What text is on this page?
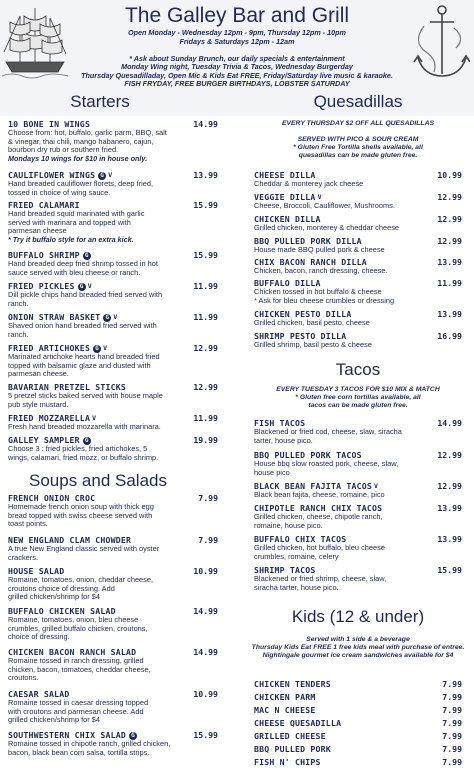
The Galley Bar and Grill
Open Monday - Wednesday 12pm - 9pm, Thursday 12pm - 10pm
Fridays & Saturdays 12pm - 12am
* Ask about Sunday Brunch, our daily specials & entertainment
Monday Wing night, Tuesday Trivia & Tacos, Wednesday Burgerday
Thursday Quesadilladay, Open Mic & Kids Eat FREE, Friday/Saturday live music & karaoke.
FISH FRYDAY, FREE BURGER BIRTHDAYS, LOBSTER SATURDAY
Starters
10 BONE IN WINGS	14.99
Choose from: hot, buffalo, garlic parm, BBQ, salt
& vinegar, thai chili, mango habanero, cajun,
bourbon dry rub or southern fried.
Mondays 10 wings for $10 in house only.
CAULIFLOWER WINGS G V	13.99
Hand breaded cauliflower florets, deep fried,
tossed in choice of wing sauce.
FRIED CALAMARI	15.99
Hand breaded squid marinated with garlic
served with marinara and topped with
parmesan cheese
* Try it buffalo style for an extra kick.
BUFFALO SHRIMP G	15.99
Hand breaded deep fried shrimp tossed in hot
sauce served with bleu cheese or ranch.
FRIED PICKLES G V	11.99
Dill pickle chips hand breaded fried served with
ranch.
ONION STRAW BASKET G V	11.99
Shaved onion hand breaded fried served with
ranch.
FRIED ARTICHOKES G V	12.99
Marinated artichoke hearts hand breaded fried
topped with balsamic glaze and dusted with
parmesan cheese.
BAVARIAN PRETZEL STICKS	12.99
5 pretzel sticks baked served with house maple
pub style mustard.
FRIED MOZZARELLA V	11.99
Fresh hand breaded mozzarella with marinara.
GALLEY SAMPLER G	19.99
Choose 3 : fried pickles, fried artichokes, 5
wings, calamari, fried mozz, or buffalo shrimp.
Soups and Salads
FRENCH ONION CROC	7.99
Homemade french onion soup with thick egg
bread topped with swiss cheese served with
toast points.
NEW ENGLAND CLAM CHOWDER	7.99
A true New England classic served with oyster
crackers.
HOUSE SALAD	10.99
Romaine, tomatoes, onion, cheddar cheese,
croutons choice of dressing. Add
grilled chicken/shrimp for $4
BUFFALO CHICKEN SALAD	14.99
Romaine, tomatoes, onion, bleu cheese
crumbles, grilled buffalo chicken, croutons,
choice of dressing.
CHICKEN BACON RANCH SALAD	14.99
Romaine tossed in ranch dressing, grilled
chicken, bacon, tomatoes, cheddar cheese,
croutons.
CAESAR SALAD	10.99
Romaine tossed in caesar dressing topped
with croutons and parmesan cheese. Add
grilled chicken/shrimp for $4
SOUTHWESTERN CHIX SALAD G	15.99
Romaine tossed in chipotle ranch, grilled chicken,
bacon, black bean corn salsa, tortilla strips.
Quesadillas
EVERY THURSDAY $2 OFF ALL QUESADILLAS
SERVED WITH PICO & SOUR CREAM
* Gluten Free Tortilla shells available, all
quesadillas can be made gluten free.
CHEESE DILLA	10.99
Cheddar & monterey jack cheese
VEGGIE DILLA V	12.99
Cheese, Broccoli, Cauliflower, Mushrooms.
CHICKEN DILLA	12.99
Grilled chicken, monterey & cheddar cheese
BBQ PULLED PORK DILLA	12.99
House made BBQ pulled pork & cheese
CHIX BACON RANCH DILLA	13.99
Chicken, bacon, ranch dressing, cheese.
BUFFALO DILLA	11.99
Chicken tossed in hot buffalo & cheese
* Ask for bleu cheese crumbles or dressing
CHICKEN PESTO DILLA	13.99
Grilled chicken, basil pesto, cheese
SHRIMP PESTO DILLA	16.99
Grilled shrimp, basil pesto & cheese
Tacos
EVERY TUESDAY 3 TACOS FOR $10 MIX & MATCH
* Gluten free corn tortillas available, all
tacos can be made gluten free.
FISH TACOS	14.99
Blackened or fried cod, cheese, slaw, siracha
tarter, house pico.
BBQ PULLED PORK TACOS	12.99
House bbq slow roasted pork, cheese, slaw,
house pico
BLACK BEAN FAJITA TACOS V	12.99
Black bean fajita, cheese, romaine, pico
CHIPOTLE RANCH CHIX TACOS	13.99
Grilled chicken, cheese, chipotle ranch,
romaine, house pico.
BUFFALO CHIX TACOS	13.99
Grilled chicken, hot buffalo, bleu cheese
crumbles, romaine, celery
SHRIMP TACOS	15.99
Blackened or fried shrimp, cheese, slaw,
siracha tarter, house pico.
Kids (12 & under)
Served with 1 side & a beverage
Thursday Kids Eat FREE 1 free kids meal with purchase of entree.
Nightingale gourmet ice cream sandwiches available for $4
CHICKEN TENDERS	7.99
CHICKEN PARM	7.99
MAC N CHEESE	7.99
CHEESE QUESADILLA	7.99
GRILLED CHEESE	7.99
BBQ PULLED PORK	7.99
FISH N' CHIPS	7.99
